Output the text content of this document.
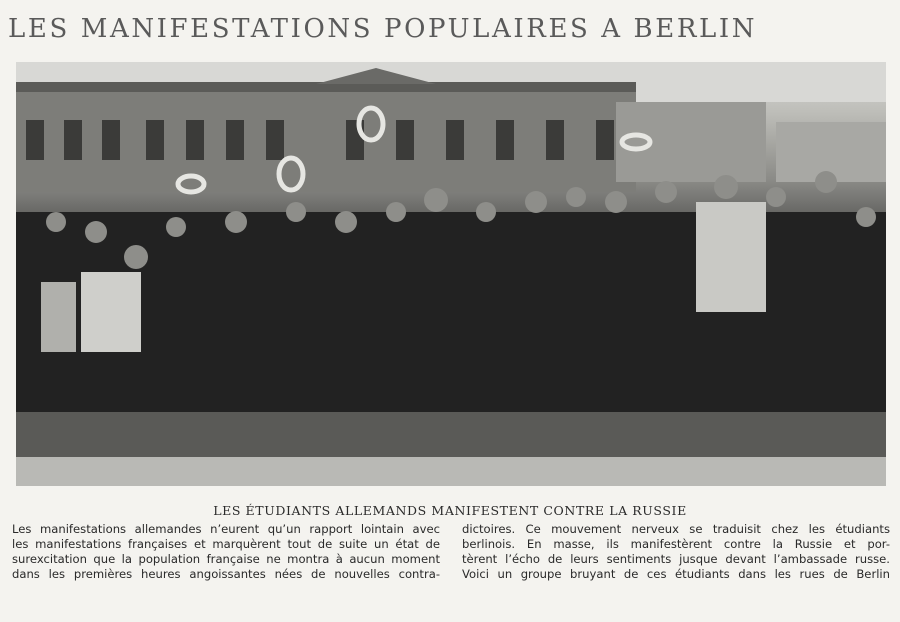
LES MANIFESTATIONS POPULAIRES A BERLIN
LES ÉTUDIANTS ALLEMANDS MANIFESTENT CONTRE LA RUSSIE
Les manifestations allemandes n’eurent qu’un rapport lointain avec
les manifestations françaises et marquèrent tout de suite un état de
surexcitation que la population française ne montra à aucun moment
dans les premières heures angoissantes nées de nouvelles contra-
dictoires. Ce mouvement nerveux se traduisit chez les étudiants
berlinois. En masse, ils manifestèrent contre la Russie et por-
tèrent l’écho de leurs sentiments jusque devant l’ambassade russe.
Voici un groupe bruyant de ces étudiants dans les rues de Berlin
